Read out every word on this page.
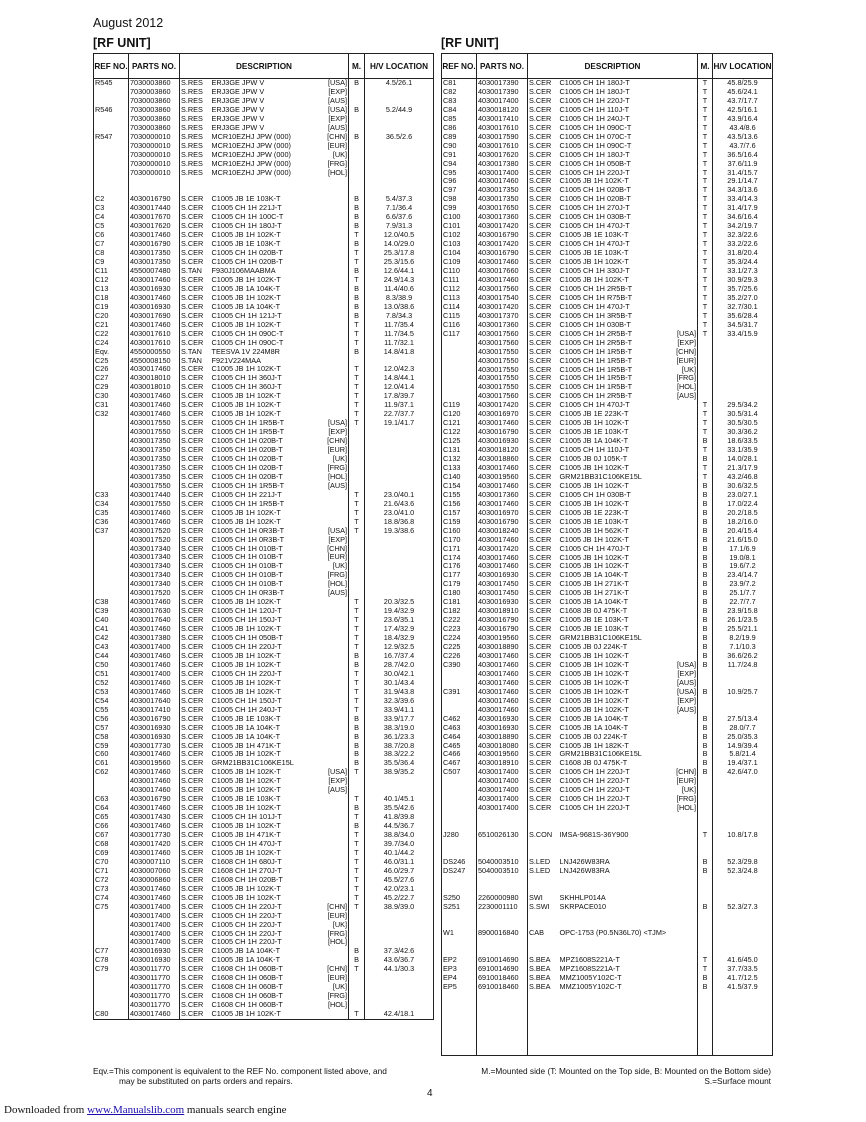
August 2012
[RF UNIT]	[RF UNIT]
REF NO.	PARTS NO.	DESCRIPTION			M.	H/V LOCATION
R545	7030003860	S.RES	ERJ3GE JPW V	[USA]	B	4.5/26.1
	7030003860	S.RES	ERJ3GE JPW V	[EXP]		
	7030003860	S.RES	ERJ3GE JPW V	[AUS]		
R546	7030003860	S.RES	ERJ3GE JPW V	[USA]	B	5.2/44.9
	7030003860	S.RES	ERJ3GE JPW V	[EXP]		
	7030003860	S.RES	ERJ3GE JPW V	[AUS]		
R547	7030000010	S.RES	MCR10EZHJ JPW (000)	[CHN]	B	36.5/2.6
	7030000010	S.RES	MCR10EZHJ JPW (000)	[EUR]		
	7030000010	S.RES	MCR10EZHJ JPW (000)	[UK]		
	7030000010	S.RES	MCR10EZHJ JPW (000)	[FRG]		
	7030000010	S.RES	MCR10EZHJ JPW (000)	[HOL]		

C2	4030016790	S.CER	C1005 JB 1E 103K-T		B	5.4/37.3
C3	4030017440	S.CER	C1005 CH 1H 221J-T		B	7.1/36.4
C4	4030017670	S.CER	C1005 CH 1H 100C-T		B	6.6/37.6
C5	4030017620	S.CER	C1005 CH 1H 180J-T		B	7.9/31.3
C6	4030017460	S.CER	C1005 JB 1H 102K-T		T	12.0/40.5
C7	4030016790	S.CER	C1005 JB 1E 103K-T		B	14.0/29.0
C8	4030017350	S.CER	C1005 CH 1H 020B-T		T	25.3/17.8
C9	4030017350	S.CER	C1005 CH 1H 020B-T		T	25.3/15.6
C11	4550007480	S.TAN	F930J106MAABMA		B	12.6/44.1
C12	4030017460	S.CER	C1005 JB 1H 102K-T		T	24.9/14.3
C13	4030016930	S.CER	C1005 JB 1A 104K-T		B	11.4/40.6
C18	4030017460	S.CER	C1005 JB 1H 102K-T		B	8.3/38.9
C19	4030016930	S.CER	C1005 JB 1A 104K-T		B	13.0/38.6
C20	4030017690	S.CER	C1005 CH 1H 121J-T		B	7.8/34.3
C21	4030017460	S.CER	C1005 JB 1H 102K-T		T	11.7/35.4
C22	4030017610	S.CER	C1005 CH 1H 090C-T		T	11.7/34.5
C24	4030017610	S.CER	C1005 CH 1H 090C-T		T	11.7/32.1
Eqv.	4550000550	S.TAN	TEESVA 1V 224M8R		B	14.8/41.8
C25	4550008150	S.TAN	F921V224MAA			
C26	4030017460	S.CER	C1005 JB 1H 102K-T		T	12.0/42.3
C27	4030018010	S.CER	C1005 CH 1H 360J-T		T	14.8/44.1
C29	4030018010	S.CER	C1005 CH 1H 360J-T		T	12.0/41.4
C30	4030017460	S.CER	C1005 JB 1H 102K-T		T	17.8/39.7
C31	4030017460	S.CER	C1005 JB 1H 102K-T		T	11.9/37.1
C32	4030017460	S.CER	C1005 JB 1H 102K-T		T	22.7/37.7
	4030017550	S.CER	C1005 CH 1H 1R5B-T	[USA]	T	19.1/41.7
	4030017550	S.CER	C1005 CH 1H 1R5B-T	[EXP]		
	4030017350	S.CER	C1005 CH 1H 020B-T	[CHN]		
	4030017350	S.CER	C1005 CH 1H 020B-T	[EUR]		
	4030017350	S.CER	C1005 CH 1H 020B-T	[UK]		
	4030017350	S.CER	C1005 CH 1H 020B-T	[FRG]		
	4030017350	S.CER	C1005 CH 1H 020B-T	[HOL]		
	4030017550	S.CER	C1005 CH 1H 1R5B-T	[AUS]		
C33	4030017440	S.CER	C1005 CH 1H 221J-T		T	23.0/40.1
C34	4030017550	S.CER	C1005 CH 1H 1R5B-T		T	21.6/43.6
C35	4030017460	S.CER	C1005 JB 1H 102K-T		T	23.0/41.0
C36	4030017460	S.CER	C1005 JB 1H 102K-T		T	18.8/36.8
C37	4030017520	S.CER	C1005 CH 1H 0R3B-T	[USA]	T	19.3/38.6
	4030017520	S.CER	C1005 CH 1H 0R3B-T	[EXP]		
	4030017340	S.CER	C1005 CH 1H 010B-T	[CHN]		
	4030017340	S.CER	C1005 CH 1H 010B-T	[EUR]		
	4030017340	S.CER	C1005 CH 1H 010B-T	[UK]		
	4030017340	S.CER	C1005 CH 1H 010B-T	[FRG]		
	4030017340	S.CER	C1005 CH 1H 010B-T	[HOL]		
	4030017520	S.CER	C1005 CH 1H 0R3B-T	[AUS]		
C38	4030017460	S.CER	C1005 JB 1H 102K-T		T	20.3/32.5
C39	4030017630	S.CER	C1005 CH 1H 120J-T		T	19.4/32.9
C40	4030017640	S.CER	C1005 CH 1H 150J-T		T	23.6/35.1
C41	4030017460	S.CER	C1005 JB 1H 102K-T		T	17.4/32.9
C42	4030017380	S.CER	C1005 CH 1H 050B-T		T	18.4/32.9
C43	4030017400	S.CER	C1005 CH 1H 220J-T		T	12.9/32.5
C44	4030017460	S.CER	C1005 JB 1H 102K-T		B	16.7/37.4
C50	4030017460	S.CER	C1005 JB 1H 102K-T		B	28.7/42.0
C51	4030017400	S.CER	C1005 CH 1H 220J-T		T	30.0/42.1
C52	4030017460	S.CER	C1005 JB 1H 102K-T		T	30.1/43.4
C53	4030017460	S.CER	C1005 JB 1H 102K-T		T	31.9/43.8
C54	4030017640	S.CER	C1005 CH 1H 150J-T		T	32.3/39.6
C55	4030017410	S.CER	C1005 CH 1H 240J-T		T	33.9/41.1
C56	4030016790	S.CER	C1005 JB 1E 103K-T		B	33.9/17.7
C57	4030016930	S.CER	C1005 JB 1A 104K-T		B	38.3/19.0
C58	4030016930	S.CER	C1005 JB 1A 104K-T		B	36.1/23.3
C59	4030017730	S.CER	C1005 JB 1H 471K-T		B	38.7/20.8
C60	4030017460	S.CER	C1005 JB 1H 102K-T		B	38.3/22.2
C61	4030019560	S.CER	GRM21BB31C106KE15L		B	35.5/36.4
C62	4030017460	S.CER	C1005 JB 1H 102K-T	[USA]	T	38.9/35.2
	4030017460	S.CER	C1005 JB 1H 102K-T	[EXP]		
	4030017460	S.CER	C1005 JB 1H 102K-T	[AUS]		
C63	4030016790	S.CER	C1005 JB 1E 103K-T		T	40.1/45.1
C64	4030017460	S.CER	C1005 JB 1H 102K-T		B	35.5/42.6
C65	4030017430	S.CER	C1005 CH 1H 101J-T		T	41.8/39.8
C66	4030017460	S.CER	C1005 JB 1H 102K-T		B	44.5/36.7
C67	4030017730	S.CER	C1005 JB 1H 471K-T		T	38.8/34.0
C68	4030017420	S.CER	C1005 CH 1H 470J-T		T	39.7/34.0
C69	4030017460	S.CER	C1005 JB 1H 102K-T		T	40.1/44.2
C70	4030007110	S.CER	C1608 CH 1H 680J-T		T	46.0/31.1
C71	4030007060	S.CER	C1608 CH 1H 270J-T		T	46.0/29.7
C72	4030006860	S.CER	C1608 CH 1H 020B-T		T	45.5/27.6
C73	4030017460	S.CER	C1005 JB 1H 102K-T		T	42.0/23.1
C74	4030017460	S.CER	C1005 JB 1H 102K-T		T	45.2/22.7
C75	4030017400	S.CER	C1005 CH 1H 220J-T	[CHN]	T	38.9/39.0
	4030017400	S.CER	C1005 CH 1H 220J-T	[EUR]		
	4030017400	S.CER	C1005 CH 1H 220J-T	[UK]		
	4030017400	S.CER	C1005 CH 1H 220J-T	[FRG]		
	4030017400	S.CER	C1005 CH 1H 220J-T	[HOL]		
C77	4030016930	S.CER	C1005 JB 1A 104K-T		B	37.3/42.6
C78	4030016930	S.CER	C1005 JB 1A 104K-T		B	43.6/36.7
C79	4030011770	S.CER	C1608 CH 1H 060B-T	[CHN]	T	44.1/30.3
	4030011770	S.CER	C1608 CH 1H 060B-T	[EUR]		
	4030011770	S.CER	C1608 CH 1H 060B-T	[UK]		
	4030011770	S.CER	C1608 CH 1H 060B-T	[FRG]		
	4030011770	S.CER	C1608 CH 1H 060B-T	[HOL]		
C80	4030017460	S.CER	C1005 JB 1H 102K-T		T	42.4/18.1
REF NO.	PARTS NO.	DESCRIPTION			M.	H/V LOCATION
C81	4030017390	S.CER	C1005 CH 1H 180J-T		T	45.8/25.9
C82	4030017390	S.CER	C1005 CH 1H 180J-T		T	45.6/24.1
C83	4030017400	S.CER	C1005 CH 1H 220J-T		T	43.7/17.7
C84	4030018120	S.CER	C1005 CH 1H 110J-T		T	42.5/16.1
C85	4030017410	S.CER	C1005 CH 1H 240J-T		T	43.9/16.4
C86	4030017610	S.CER	C1005 CH 1H 090C-T		T	43.4/8.6
C89	4030017590	S.CER	C1005 CH 1H 070C-T		T	43.5/13.6
C90	4030017610	S.CER	C1005 CH 1H 090C-T		T	43.7/7.6
C91	4030017620	S.CER	C1005 CH 1H 180J-T		T	36.5/16.4
C94	4030017380	S.CER	C1005 CH 1H 050B-T		T	37.6/11.9
C95	4030017400	S.CER	C1005 CH 1H 220J-T		T	31.4/15.7
C96	4030017460	S.CER	C1005 JB 1H 102K-T		T	29.1/14.7
C97	4030017350	S.CER	C1005 CH 1H 020B-T		T	34.3/13.6
C98	4030017350	S.CER	C1005 CH 1H 020B-T		T	33.4/14.3
C99	4030017650	S.CER	C1005 CH 1H 270J-T		T	31.4/17.9
C100	4030017360	S.CER	C1005 CH 1H 030B-T		T	34.6/16.4
C101	4030017420	S.CER	C1005 CH 1H 470J-T		T	34.2/19.7
C102	4030016790	S.CER	C1005 JB 1E 103K-T		T	32.3/22.6
C103	4030017420	S.CER	C1005 CH 1H 470J-T		T	33.2/22.6
C104	4030016790	S.CER	C1005 JB 1E 103K-T		T	31.8/20.4
C109	4030017460	S.CER	C1005 JB 1H 102K-T		T	35.3/24.4
C110	4030017660	S.CER	C1005 CH 1H 330J-T		T	33.1/27.3
C111	4030017460	S.CER	C1005 JB 1H 102K-T		T	30.9/29.3
C112	4030017560	S.CER	C1005 CH 1H 2R5B-T		T	35.7/25.6
C113	4030017540	S.CER	C1005 CH 1H R75B-T		T	35.2/27.0
C114	4030017420	S.CER	C1005 CH 1H 470J-T		T	32.7/30.1
C115	4030017370	S.CER	C1005 CH 1H 3R5B-T		T	35.6/28.4
C116	4030017360	S.CER	C1005 CH 1H 030B-T		T	34.5/31.7
C117	4030017560	S.CER	C1005 CH 1H 2R5B-T	[USA]	T	33.4/15.9
	4030017560	S.CER	C1005 CH 1H 2R5B-T	[EXP]		
	4030017550	S.CER	C1005 CH 1H 1R5B-T	[CHN]		
	4030017550	S.CER	C1005 CH 1H 1R5B-T	[EUR]		
	4030017550	S.CER	C1005 CH 1H 1R5B-T	[UK]		
	4030017550	S.CER	C1005 CH 1H 1R5B-T	[FRG]		
	4030017550	S.CER	C1005 CH 1H 1R5B-T	[HOL]		
	4030017560	S.CER	C1005 CH 1H 2R5B-T	[AUS]		
C119	4030017420	S.CER	C1005 CH 1H 470J-T		T	29.5/34.2
C120	4030016970	S.CER	C1005 JB 1E 223K-T		T	30.5/31.4
C121	4030017460	S.CER	C1005 JB 1H 102K-T		T	30.5/30.5
C122	4030016790	S.CER	C1005 JB 1E 103K-T		T	30.3/36.2
C125	4030016930	S.CER	C1005 JB 1A 104K-T		B	18.6/33.5
C131	4030018120	S.CER	C1005 CH 1H 110J-T		T	33.1/35.9
C132	4030018860	S.CER	C1005 JB 0J 105K-T		B	14.0/28.1
C133	4030017460	S.CER	C1005 JB 1H 102K-T		T	21.3/17.9
C140	4030019560	S.CER	GRM21BB31C106KE15L		T	43.2/46.8
C154	4030017460	S.CER	C1005 JB 1H 102K-T		B	30.6/32.5
C155	4030017360	S.CER	C1005 CH 1H 030B-T		B	23.0/27.1
C156	4030017460	S.CER	C1005 JB 1H 102K-T		B	17.0/22.4
C157	4030016970	S.CER	C1005 JB 1E 223K-T		B	20.2/18.5
C159	4030016790	S.CER	C1005 JB 1E 103K-T		B	18.2/16.0
C160	4030018240	S.CER	C1005 JB 1H 562K-T		B	20.4/15.4
C170	4030017460	S.CER	C1005 JB 1H 102K-T		B	21.6/15.0
C171	4030017420	S.CER	C1005 CH 1H 470J-T		B	17.1/6.9
C174	4030017460	S.CER	C1005 JB 1H 102K-T		B	19.0/8.1
C176	4030017460	S.CER	C1005 JB 1H 102K-T		B	19.6/7.2
C177	4030016930	S.CER	C1005 JB 1A 104K-T		B	23.4/14.7
C179	4030017450	S.CER	C1005 JB 1H 271K-T		B	23.9/7.2
C180	4030017450	S.CER	C1005 JB 1H 271K-T		B	25.1/7.7
C181	4030016930	S.CER	C1005 JB 1A 104K-T		B	22.7/7.7
C182	4030018910	S.CER	C1608 JB 0J 475K-T		B	23.9/15.8
C222	4030016790	S.CER	C1005 JB 1E 103K-T		B	26.1/23.5
C223	4030016790	S.CER	C1005 JB 1E 103K-T		B	25.5/21.1
C224	4030019560	S.CER	GRM21BB31C106KE15L		B	8.2/19.9
C225	4030018890	S.CER	C1005 JB 0J 224K-T		B	7.1/10.3
C226	4030017460	S.CER	C1005 JB 1H 102K-T		B	36.6/26.2
C390	4030017460	S.CER	C1005 JB 1H 102K-T	[USA]	B	11.7/24.8
	4030017460	S.CER	C1005 JB 1H 102K-T	[EXP]		
	4030017460	S.CER	C1005 JB 1H 102K-T	[AUS]		
C391	4030017460	S.CER	C1005 JB 1H 102K-T	[USA]	B	10.9/25.7
	4030017460	S.CER	C1005 JB 1H 102K-T	[EXP]		
	4030017460	S.CER	C1005 JB 1H 102K-T	[AUS]		
C462	4030016930	S.CER	C1005 JB 1A 104K-T		B	27.5/13.4
C463	4030016930	S.CER	C1005 JB 1A 104K-T		B	28.0/7.7
C464	4030018890	S.CER	C1005 JB 0J 224K-T		B	25.0/35.3
C465	4030018080	S.CER	C1005 JB 1H 182K-T		B	14.9/39.4
C466	4030019560	S.CER	GRM21BB31C106KE15L		B	5.8/21.4
C467	4030018910	S.CER	C1608 JB 0J 475K-T		B	19.4/37.1
C507	4030017400	S.CER	C1005 CH 1H 220J-T	[CHN]	B	42.6/47.0
	4030017400	S.CER	C1005 CH 1H 220J-T	[EUR]		
	4030017400	S.CER	C1005 CH 1H 220J-T	[UK]		
	4030017400	S.CER	C1005 CH 1H 220J-T	[FRG]		
	4030017400	S.CER	C1005 CH 1H 220J-T	[HOL]		

J280	6510026130	S.CON	IMSA-9681S-36Y900		T	10.8/17.8

DS246	5040003510	S.LED	LNJ426W83RA		B	52.3/29.8
DS247	5040003510	S.LED	LNJ426W83RA		B	52.3/24.8

S250	2260000980	SWI	SKHHLP014A			
S251	2230001110	S.SWI	SKRPACE010		B	52.3/27.3

W1	8900016840	CAB	OPC-1753 (P0.5N36L70) <TJM>			

EP2	6910014690	S.BEA	MPZ1608S221A-T		T	41.6/45.0
EP3	6910014690	S.BEA	MPZ1608S221A-T		T	37.7/33.5
EP4	6910018460	S.BEA	MMZ1005Y102C-T		B	41.7/12.5
EP5	6910018460	S.BEA	MMZ1005Y102C-T		B	41.5/37.9

Eqv.=This component is equivalent to the REF No. component listed above, and
may be substituted on parts orders and repairs.
M.=Mounted side (T: Mounted on the Top side, B: Mounted on the Bottom side)
S.=Surface mount
4
Downloaded from www.Manualslib.com manuals search engine
